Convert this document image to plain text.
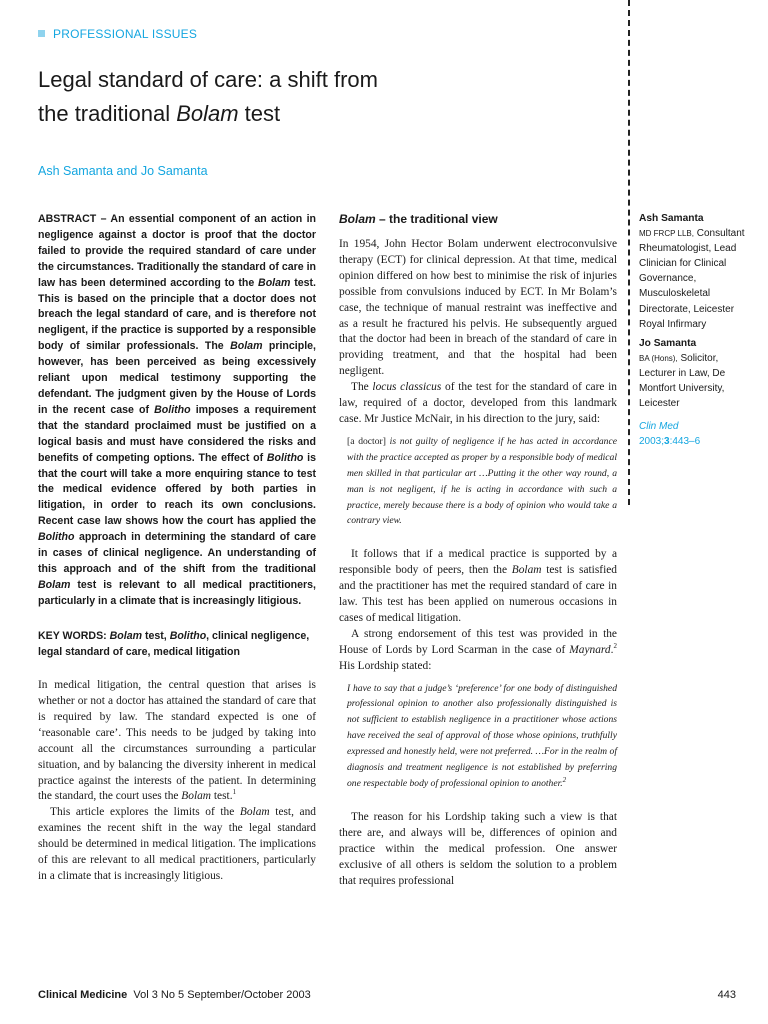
PROFESSIONAL ISSUES
Legal standard of care: a shift from
the traditional Bolam test
Ash Samanta and Jo Samanta

ABSTRACT – An essential component of an action in negligence against a doctor is proof that the doctor failed to provide the required standard of care under the circumstances. Traditionally the standard of care in law has been determined according to the Bolam test. This is based on the principle that a doctor does not breach the legal standard of care, and is therefore not negligent, if the practice is supported by a responsible body of similar professionals. The Bolam principle, however, has been perceived as being excessively reliant upon medical testimony supporting the defendant. The judgment given by the House of Lords in the recent case of Bolitho imposes a requirement that the standard proclaimed must be justified on a logical basis and must have considered the risks and benefits of competing options. The effect of Bolitho is that the court will take a more enquiring stance to test the medical evidence offered by both parties in litigation, in order to reach its own conclusions. Recent case law shows how the court has applied the Bolitho approach in determining the standard of care in cases of clinical negligence. An understanding of this approach and of the shift from the traditional Bolam test is relevant to all medical practitioners, particularly in a climate that is increasingly litigious.

KEY WORDS: Bolam test, Bolitho, clinical negligence, legal standard of care, medical litigation

In medical litigation, the central question that arises is whether or not a doctor has attained the standard of care that is required by law. The standard expected is one of ‘reasonable care’. This needs to be judged by taking into account all the circumstances surrounding a particular situation, and by balancing the diversity inherent in medical practice against the interests of the patient. In determining the standard, the court uses the Bolam test.$^1$

This article explores the limits of the Bolam test, and examines the recent shift in the way the legal standard should be determined in medical litigation. The implications of this are relevant to all medical practitioners, particularly in a climate that is increasingly litigious.

Bolam – the traditional view

In 1954, John Hector Bolam underwent electroconvulsive therapy (ECT) for clinical depression. At that time, medical opinion differed on how best to minimise the risk of injuries possible from convulsions induced by ECT. In Mr Bolam’s case, the technique of manual restraint was ineffective and as a result he fractured his pelvis. He subsequently argued that the doctor had been in breach of the standard of care in providing treatment, and that the hospital had been negligent.

The locus classicus of the test for the standard of care in law, required of a doctor, developed from this landmark case. Mr Justice McNair, in his direction to the jury, said:

[a doctor] is not guilty of negligence if he has acted in accordance with the practice accepted as proper by a responsible body of medical men skilled in that particular art …Putting it the other way round, a man is not negligent, if he is acting in accordance with such a practice, merely because there is a body of opinion who would take a contrary view.

It follows that if a medical practice is supported by a responsible body of peers, then the Bolam test is satisfied and the practitioner has met the required standard of care in law. This test has been applied on numerous occasions in cases of medical litigation.

A strong endorsement of this test was provided in the House of Lords by Lord Scarman in the case of Maynard.$^2$ His Lordship stated:

I have to say that a judge’s ‘preference’ for one body of distinguished professional opinion to another also professionally distinguished is not sufficient to establish negligence in a practitioner whose actions have received the seal of approval of those whose opinions, truthfully expressed and honestly held, were not preferred. …For in the realm of diagnosis and treatment negligence is not established by preferring one respectable body of professional opinion to another.$^2$

The reason for his Lordship taking such a view is that there are, and always will be, differences of opinion and practice within the medical profession. One answer exclusive of all others is seldom the solution to a problem that requires professional

Ash Samanta

MD FRCP LLB, Consultant Rheumatologist, Lead Clinician for Clinical Governance, Musculoskeletal Directorate, Leicester Royal Infirmary

Jo Samanta

BA (Hons), Solicitor, Lecturer in Law, De Montfort University, Leicester

Clin Med
2003;3:443–6
Clinical Medicine Vol 3 No 5 September/October 2003	443
